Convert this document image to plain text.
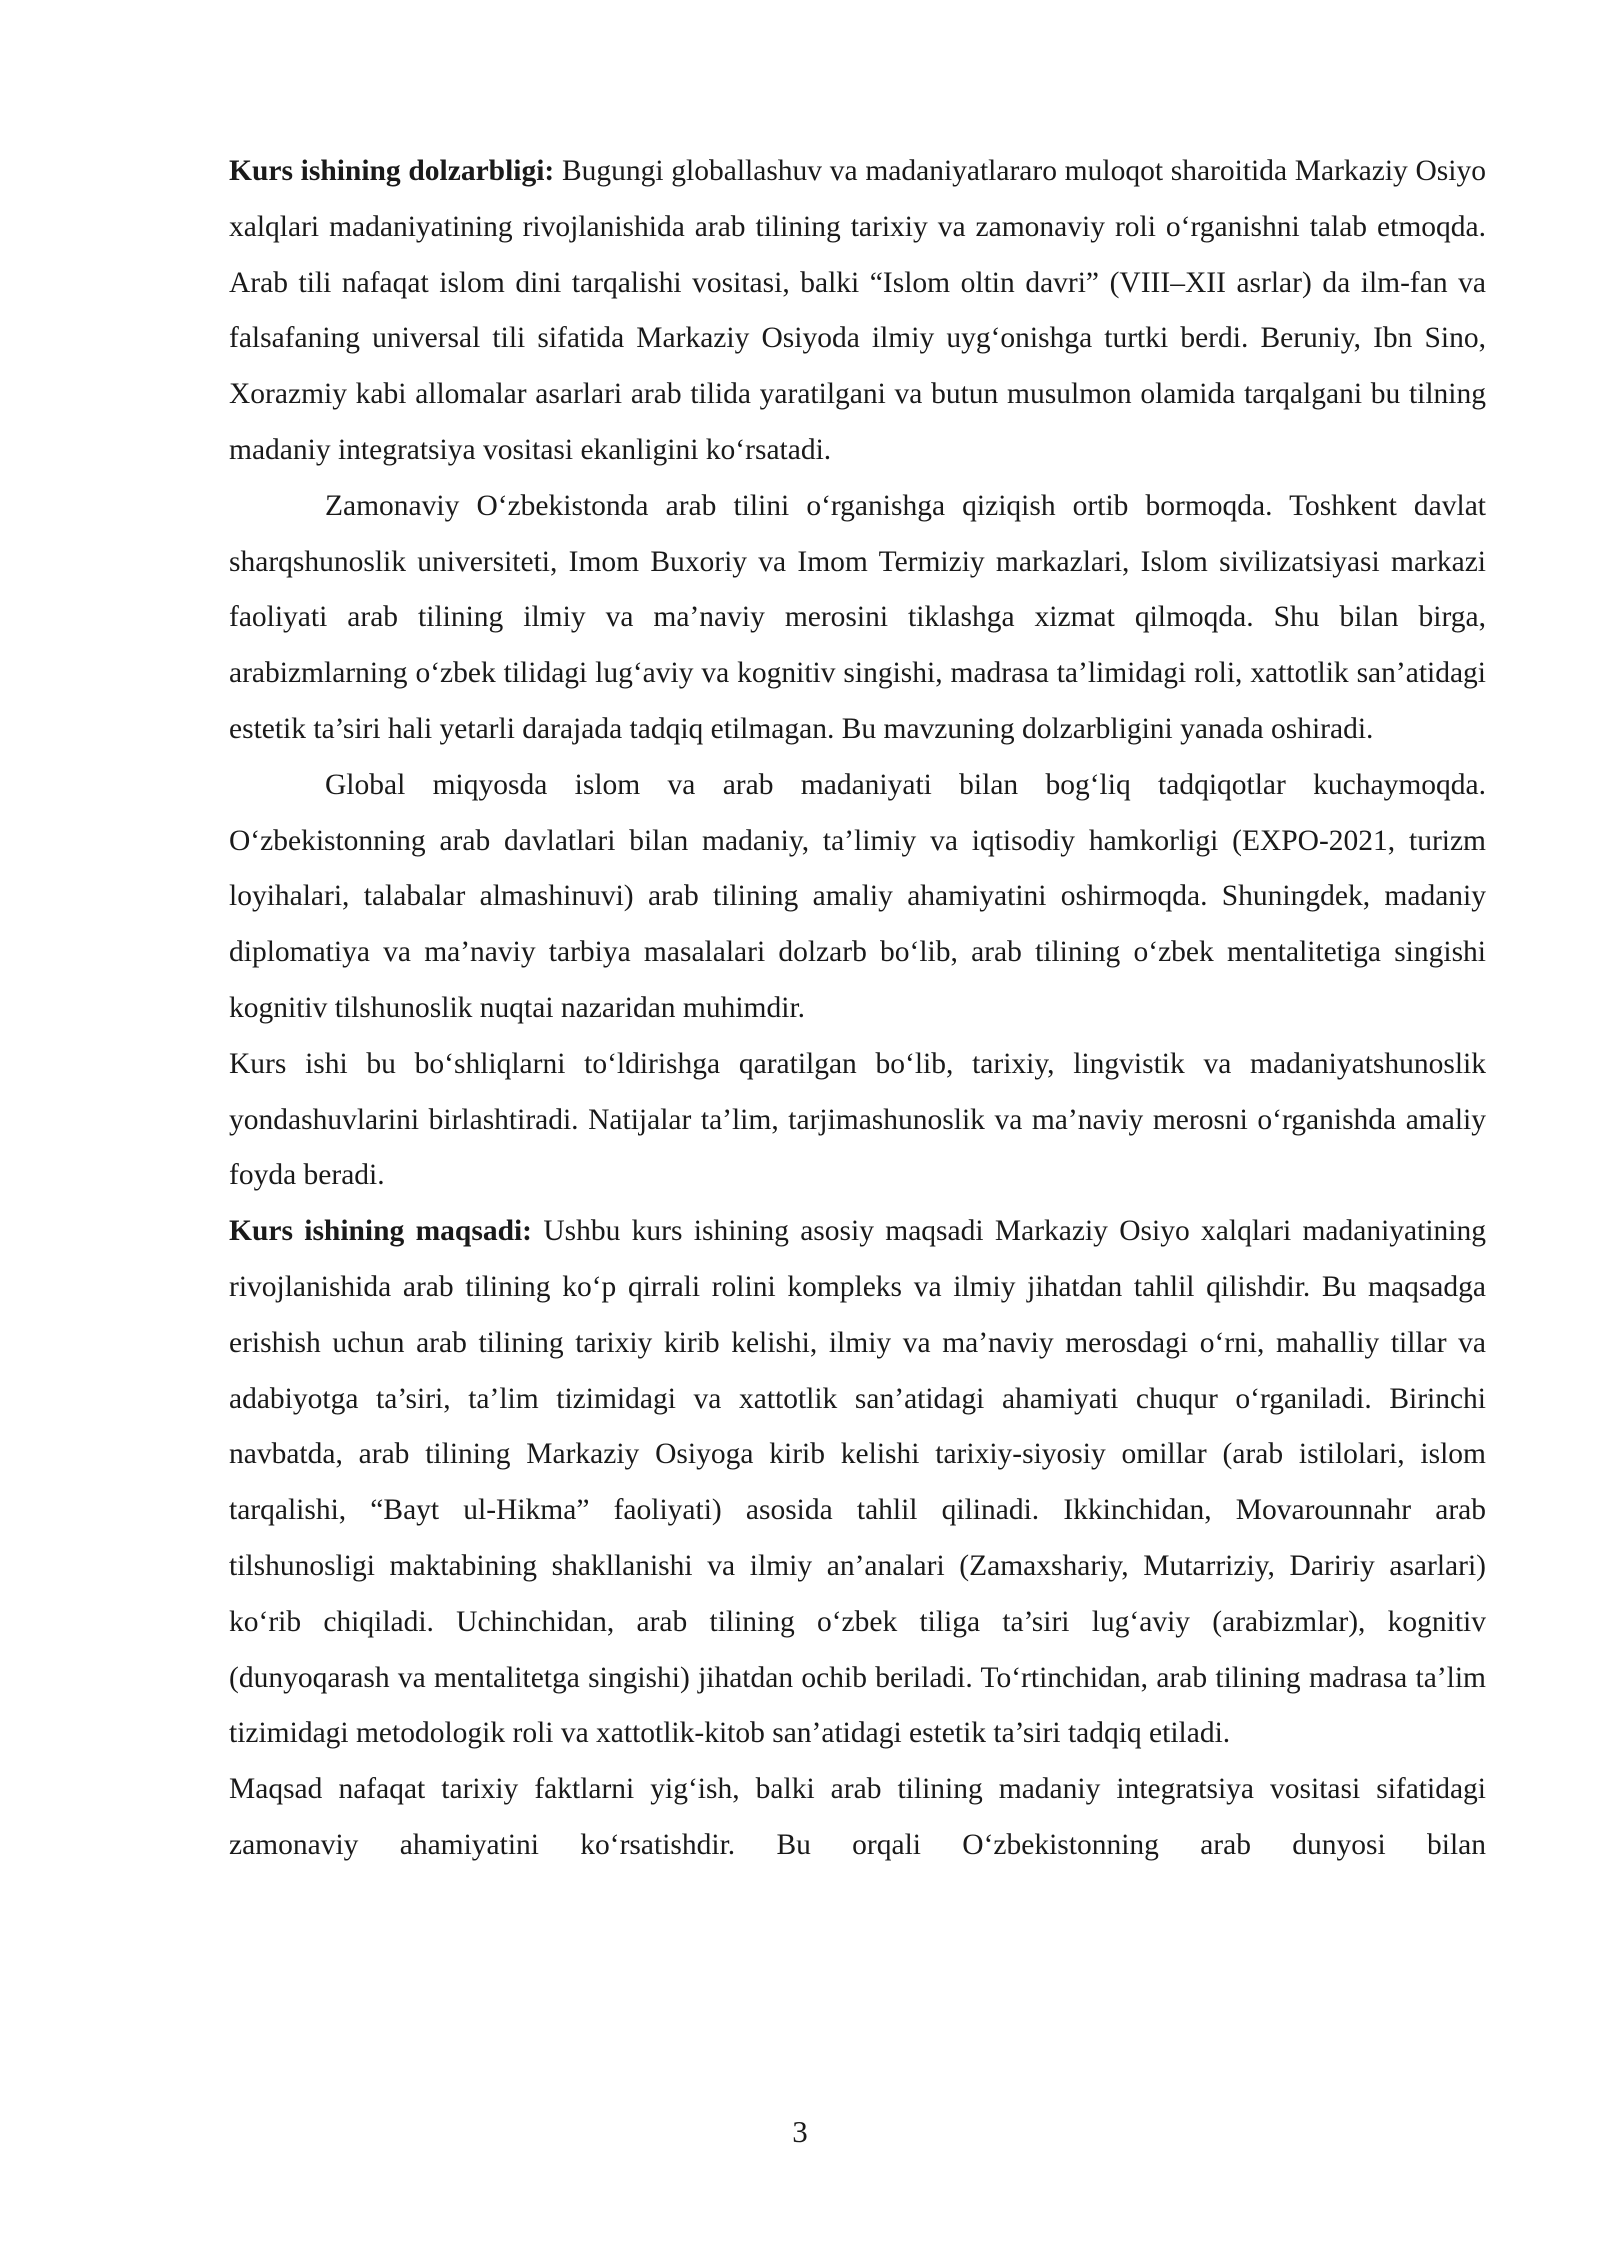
Kurs ishining dolzarbligi: Bugungi globallashuv va madaniyatlararo muloqot sharoitida Markaziy Osiyo xalqlari madaniyatining rivojlanishida arab tilining tarixiy va zamonaviy roli o‘rganishni talab etmoqda. Arab tili nafaqat islom dini tarqalishi vositasi, balki “Islom oltin davri” (VIII–XII asrlar) da ilm-fan va falsafaning universal tili sifatida Markaziy Osiyoda ilmiy uyg‘onishga turtki berdi. Beruniy, Ibn Sino, Xorazmiy kabi allomalar asarlari arab tilida yaratilgani va butun musulmon olamida tarqalgani bu tilning madaniy integratsiya vositasi ekanligini ko‘rsatadi.

Zamonaviy O‘zbekistonda arab tilini o‘rganishga qiziqish ortib bormoqda. Toshkent davlat sharqshunoslik universiteti, Imom Buxoriy va Imom Termiziy markazlari, Islom sivilizatsiyasi markazi faoliyati arab tilining ilmiy va ma’naviy merosini tiklashga xizmat qilmoqda. Shu bilan birga, arabizmlarning o‘zbek tilidagi lug‘aviy va kognitiv singishi, madrasa ta’limidagi roli, xattotlik san’atidagi estetik ta’siri hali yetarli darajada tadqiq etilmagan. Bu mavzuning dolzarbligini yanada oshiradi.

Global miqyosda islom va arab madaniyati bilan bog‘liq tadqiqotlar kuchaymoqda. O‘zbekistonning arab davlatlari bilan madaniy, ta’limiy va iqtisodiy hamkorligi (EXPO-2021, turizm loyihalari, talabalar almashinuvi) arab tilining amaliy ahamiyatini oshirmoqda. Shuningdek, madaniy diplomatiya va ma’naviy tarbiya masalalari dolzarb bo‘lib, arab tilining o‘zbek mentalitetiga singishi kognitiv tilshunoslik nuqtai nazaridan muhimdir.

Kurs ishi bu bo‘shliqlarni to‘ldirishga qaratilgan bo‘lib, tarixiy, lingvistik va madaniyatshunoslik yondashuvlarini birlashtiradi. Natijalar ta’lim, tarjimashunoslik va ma’naviy merosni o‘rganishda amaliy foyda beradi.

Kurs ishining maqsadi: Ushbu kurs ishining asosiy maqsadi Markaziy Osiyo xalqlari madaniyatining rivojlanishida arab tilining ko‘p qirrali rolini kompleks va ilmiy jihatdan tahlil qilishdir. Bu maqsadga erishish uchun arab tilining tarixiy kirib kelishi, ilmiy va ma’naviy merosdagi o‘rni, mahalliy tillar va adabiyotga ta’siri, ta’lim tizimidagi va xattotlik san’atidagi ahamiyati chuqur o‘rganiladi. Birinchi navbatda, arab tilining Markaziy Osiyoga kirib kelishi tarixiy-siyosiy omillar (arab istilolari, islom tarqalishi, “Bayt ul-Hikma” faoliyati) asosida tahlil qilinadi. Ikkinchidan, Movarounnahr arab tilshunosligi maktabining shakllanishi va ilmiy an’analari (Zamaxshariy, Mutarriziy, Daririy asarlari) ko‘rib chiqiladi. Uchinchidan, arab tilining o‘zbek tiliga ta’siri lug‘aviy (arabizmlar), kognitiv (dunyoqarash va mentalitetga singishi) jihatdan ochib beriladi. To‘rtinchidan, arab tilining madrasa ta’lim tizimidagi metodologik roli va xattotlik-kitob san’atidagi estetik ta’siri tadqiq etiladi.

Maqsad nafaqat tarixiy faktlarni yig‘ish, balki arab tilining madaniy integratsiya vositasi sifatidagi zamonaviy ahamiyatini ko‘rsatishdir. Bu orqali O‘zbekistonning arab dunyosi bilan

3
